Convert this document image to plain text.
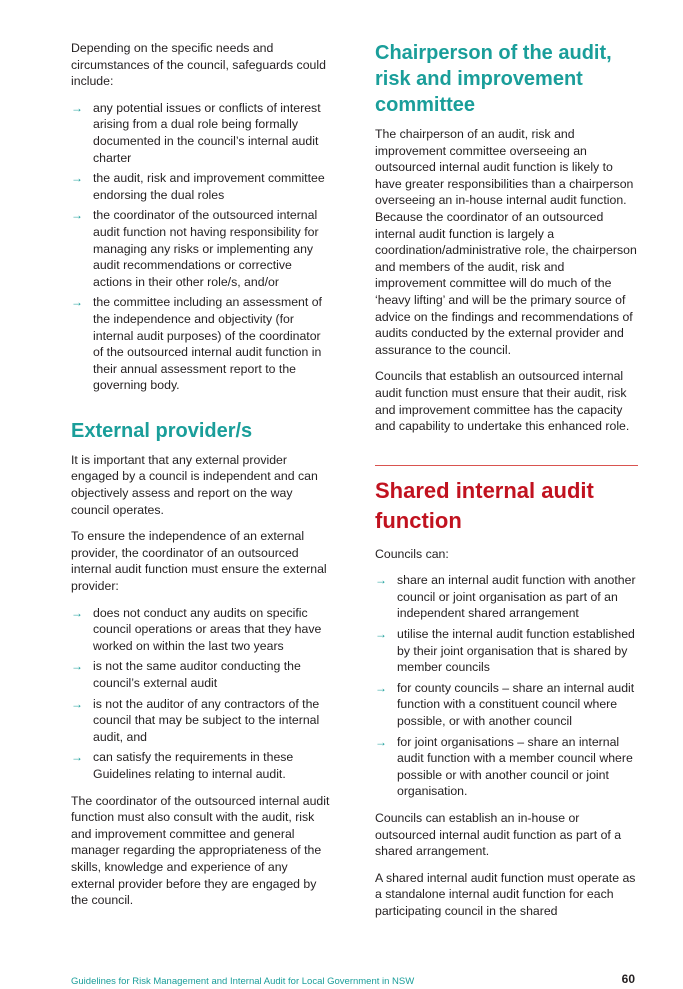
Depending on the specific needs and circumstances of the council, safeguards could include:

→ any potential issues or conflicts of interest arising from a dual role being formally documented in the council’s internal audit charter
→ the audit, risk and improvement committee endorsing the dual roles
→ the coordinator of the outsourced internal audit function not having responsibility for managing any risks or implementing any audit recommendations or corrective actions in their other role/s, and/or
→ the committee including an assessment of the independence and objectivity (for internal audit purposes) of the coordinator of the outsourced internal audit function in their annual assessment report to the governing body.
External provider/s

It is important that any external provider engaged by a council is independent and can objectively assess and report on the way council operates.

To ensure the independence of an external provider, the coordinator of an outsourced internal audit function must ensure the external provider:

→ does not conduct any audits on specific council operations or areas that they have worked on within the last two years
→ is not the same auditor conducting the council’s external audit
→ is not the auditor of any contractors of the council that may be subject to the internal audit, and
→ can satisfy the requirements in these Guidelines relating to internal audit.

The coordinator of the outsourced internal audit function must also consult with the audit, risk and improvement committee and general manager regarding the appropriateness of the skills, knowledge and experience of any external provider before they are engaged by the council.

Chairperson of the audit, risk and improvement committee

The chairperson of an audit, risk and improvement committee overseeing an outsourced internal audit function is likely to have greater responsibilities than a chairperson overseeing an in-house internal audit function. Because the coordinator of an outsourced internal audit function is largely a coordination/administrative role, the chairperson and members of the audit, risk and improvement committee will do much of the ‘heavy lifting’ and will be the primary source of advice on the findings and recommendations of audits conducted by the external provider and assurance to the council.

Councils that establish an outsourced internal audit function must ensure that their audit, risk and improvement committee has the capacity and capability to undertake this enhanced role.

Shared internal audit function

Councils can:

→ share an internal audit function with another council or joint organisation as part of an independent shared arrangement
→ utilise the internal audit function established by their joint organisation that is shared by member councils
→ for county councils – share an internal audit function with a constituent council where possible, or with another council
→ for joint organisations – share an internal audit function with a member council where possible or with another council or joint organisation.

Councils can establish an in-house or outsourced internal audit function as part of a shared arrangement.

A shared internal audit function must operate as a standalone internal audit function for each participating council in the shared

Guidelines for Risk Management and Internal Audit for Local Government in NSW	60
